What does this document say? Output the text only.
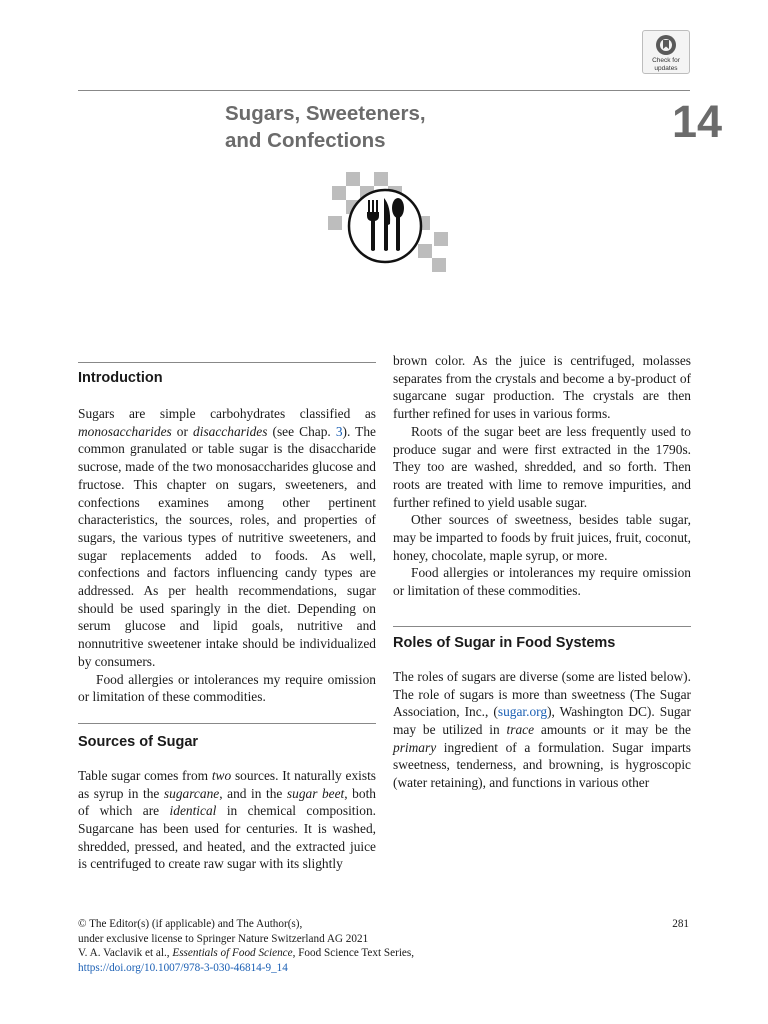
Check for
updates
Sugars, Sweeteners,
and Confections	14
Introduction

Sugars are simple carbohydrates classified as monosaccharides or disaccharides (see Chap. 3). The common granulated or table sugar is the disaccharide sucrose, made of the two monosaccharides glucose and fructose. This chapter on sugars, sweeteners, and confections examines among other pertinent characteristics, the sources, roles, and properties of sugars, the various types of nutritive sweeteners, and sugar replacements added to foods. As well, confections and factors influencing candy types are addressed. As per health recommendations, sugar should be used sparingly in the diet. Depending on serum glucose and lipid goals, nutritive and nonnutritive sweetener intake should be individualized by consumers.

Food allergies or intolerances my require omission or limitation of these commodities.

Sources of Sugar

Table sugar comes from two sources. It naturally exists as syrup in the sugarcane, and in the sugar beet, both of which are identical in chemical composition. Sugarcane has been used for centuries. It is washed, shredded, pressed, and heated, and the extracted juice is centrifuged to create raw sugar with its slightly

brown color. As the juice is centrifuged, molasses separates from the crystals and become a by-product of sugarcane sugar production. The crystals are then further refined for uses in various forms.

Roots of the sugar beet are less frequently used to produce sugar and were first extracted in the 1790s. They too are washed, shredded, and so forth. Then roots are treated with lime to remove impurities, and further refined to yield usable sugar.

Other sources of sweetness, besides table sugar, may be imparted to foods by fruit juices, fruit, coconut, honey, chocolate, maple syrup, or more.

Food allergies or intolerances my require omission or limitation of these commodities.

Roles of Sugar in Food Systems

The roles of sugars are diverse (some are listed below). The role of sugars is more than sweetness (The Sugar Association, Inc., (sugar.org), Washington DC). Sugar may be utilized in trace amounts or it may be the primary ingredient of a formulation. Sugar imparts sweetness, tenderness, and browning, is hygroscopic (water retaining), and functions in various other

© The Editor(s) (if applicable) and The Author(s),
under exclusive license to Springer Nature Switzerland AG 2021
V. A. Vaclavik et al., Essentials of Food Science, Food Science Text Series,
https://doi.org/10.1007/978-3-030-46814-9_14
281
